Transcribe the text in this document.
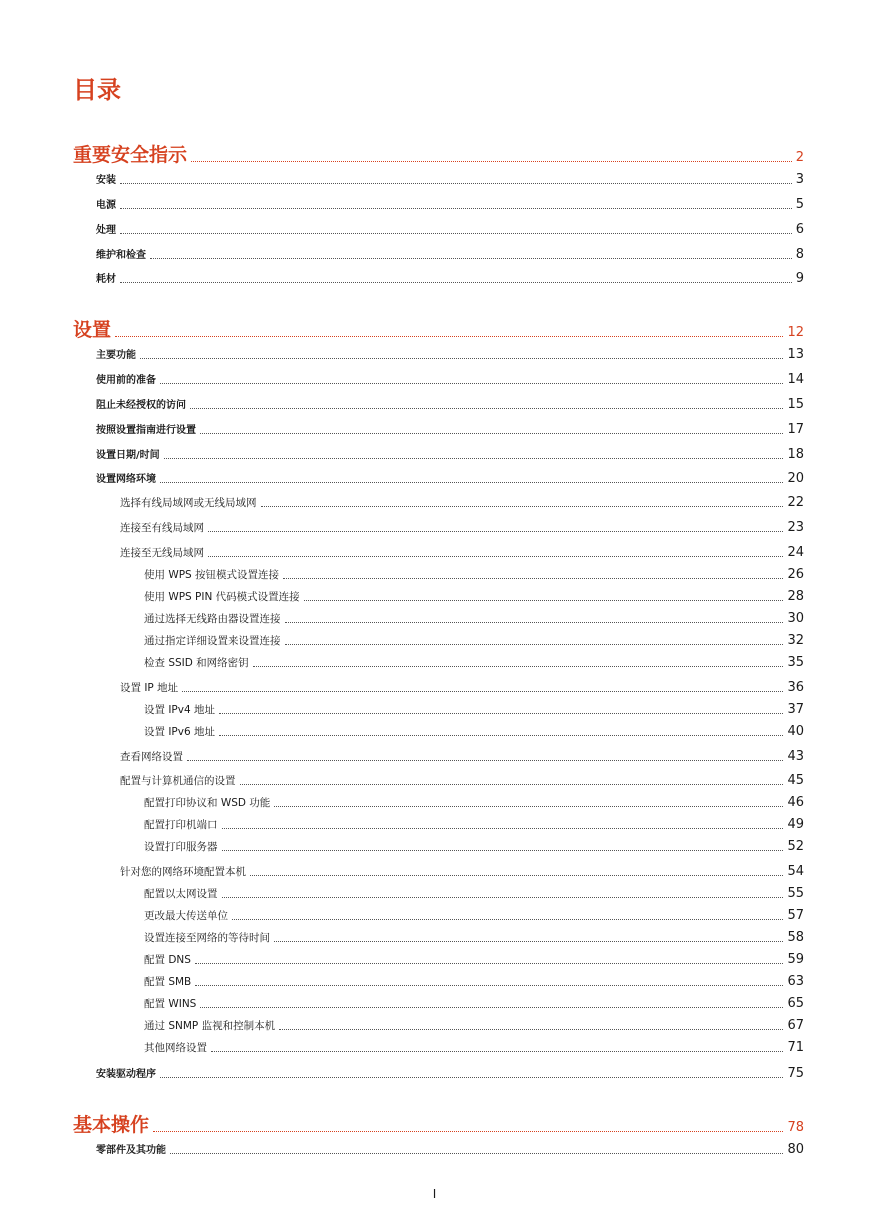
目录
重要安全指示	2
安装	3
电源	5
处理	6
维护和检查	8
耗材	9
设置	12
主要功能	13
使用前的准备	14
阻止未经授权的访问	15
按照设置指南进行设置	17
设置日期/时间	18
设置网络环境	20
选择有线局域网或无线局域网	22
连接至有线局域网	23
连接至无线局域网	24
使用 WPS 按钮模式设置连接	26
使用 WPS PIN 代码模式设置连接	28
通过选择无线路由器设置连接	30
通过指定详细设置来设置连接	32
检查 SSID 和网络密钥	35
设置 IP 地址	36
设置 IPv4 地址	37
设置 IPv6 地址	40
查看网络设置	43
配置与计算机通信的设置	45
配置打印协议和 WSD 功能	46
配置打印机端口	49
设置打印服务器	52
针对您的网络环境配置本机	54
配置以太网设置	55
更改最大传送单位	57
设置连接至网络的等待时间	58
配置 DNS	59
配置 SMB	63
配置 WINS	65
通过 SNMP 监视和控制本机	67
其他网络设置	71
安装驱动程序	75
基本操作	78
零部件及其功能	80
I
